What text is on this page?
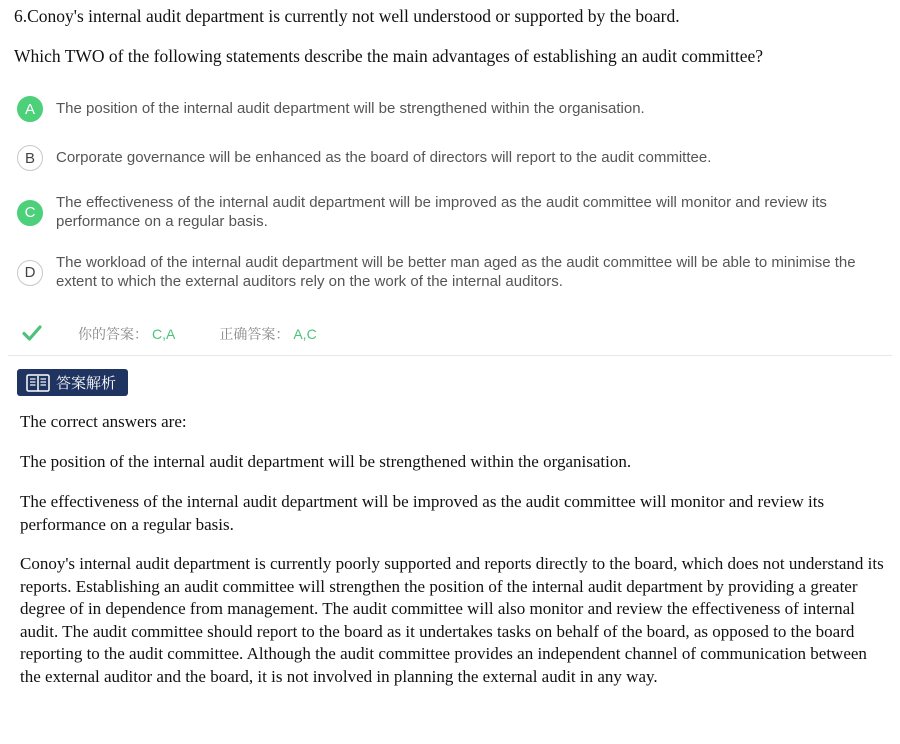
6.Conoy's internal audit department is currently not well understood or supported by the board.
Which TWO of the following statements describe the main advantages of establishing an audit committee?
A	The position of the internal audit department will be strengthened within the organisation.
B	Corporate governance will be enhanced as the board of directors will report to the audit committee.
C
The effectiveness of the internal audit department will be improved as the audit committee will monitor and review its performance on a regular basis.
D
The workload of the internal audit department will be better man aged as the audit committee will be able to minimise the extent to which the external auditors rely on the work of the internal auditors.
你的答案： C,A	正确答案： A,C
答案解析
The correct answers are:
The position of the internal audit department will be strengthened within the organisation.
The effectiveness of the internal audit department will be improved as the audit committee will monitor and review its performance on a regular basis.
Conoy's internal audit department is currently poorly supported and reports directly to the board, which does not understand its reports. Establishing an audit committee will strengthen the position of the internal audit department by providing a greater degree of in dependence from management. The audit committee will also monitor and review the effectiveness of internal audit. The audit committee should report to the board as it undertakes tasks on behalf of the board, as opposed to the board reporting to the audit committee. Although the audit committee provides an independent channel of communication between the external auditor and the board, it is not involved in planning the external audit in any way.
